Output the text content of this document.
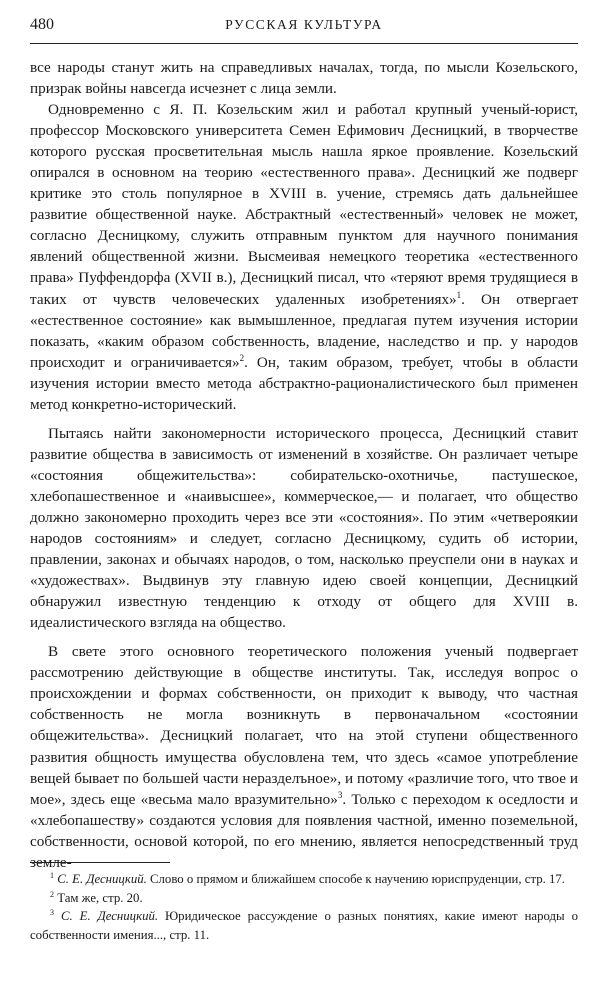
480	РУССКАЯ КУЛЬТУРА

все народы станут жить на справедливых началах, тогда, по мысли Козельского, призрак войны навсегда исчезнет с лица земли.

Одновременно с Я. П. Козельским жил и работал крупный ученый-юрист, профессор Московского университета Семен Ефимович Десницкий, в творчестве которого русская просветительная мысль нашла яркое проявление. Козельский опирался в основном на теорию «естественного права». Десницкий же подверг критике это столь популярное в XVIII в. учение, стремясь дать дальнейшее развитие общественной науке. Абстрактный «естественный» человек не может, согласно Десницкому, служить отправным пунктом для научного понимания явлений общественной жизни. Высмеивая немецкого теоретика «естественного права» Пуффендорфа (XVII в.), Десницкий писал, что «теряют время трудящиеся в таких от чувств человеческих удаленных изобретениях»$^1$. Он отвергает «естественное состояние» как вымышленное, предлагая путем изучения истории показать, «каким образом собственность, владение, наследство и пр. у народов происходит и ограничивается»$^2$. Он, таким образом, требует, чтобы в области изучения истории вместо метода абстрактно-рационалистического был применен метод конкретно-исторический.

Пытаясь найти закономерности исторического процесса, Десницкий ставит развитие общества в зависимость от изменений в хозяйстве. Он различает четыре «состояния общежительства»: собирательско-охотничье, пастушеское, хлебопашественное и «наивысшее», коммерческое,— и полагает, что общество должно закономерно проходить через все эти «состояния». По этим «четвероякии народов состояниям» и следует, согласно Десницкому, судить об истории, правлении, законах и обычаях народов, о том, насколько преуспели они в науках и «художествах». Выдвинув эту главную идею своей концепции, Десницкий обнаружил известную тенденцию к отходу от общего для XVIII в. идеалистического взгляда на общество.

В свете этого основного теоретического положения ученый подвергает рассмотрению действующие в обществе институты. Так, исследуя вопрос о происхождении и формах собственности, он приходит к выводу, что частная собственность не могла возникнуть в первоначальном «состоянии общежительства». Десницкий полагает, что на этой ступени общественного развития общность имущества обусловлена тем, что здесь «самое употребление вещей бывает по большей части неразделъное», и потому «различие того, что твое и мое», здесь еще «весьма мало вразумительно»$^3$. Только с переходом к оседлости и «хлебопашеству» создаются условия для появления частной, именно поземельной, собственности, основой которой, по его мнению, является непосредственный труд земле-

$^1$ С. Е. Десницкий. Слово о прямом и ближайшем способе к научению юриспруденции, стр. 17.

$^2$ Там же, стр. 20.

$^3$ С. Е. Десницкий. Юридическое рассуждение о разных понятиях, какие имеют народы о собственности имения..., стр. 11.
